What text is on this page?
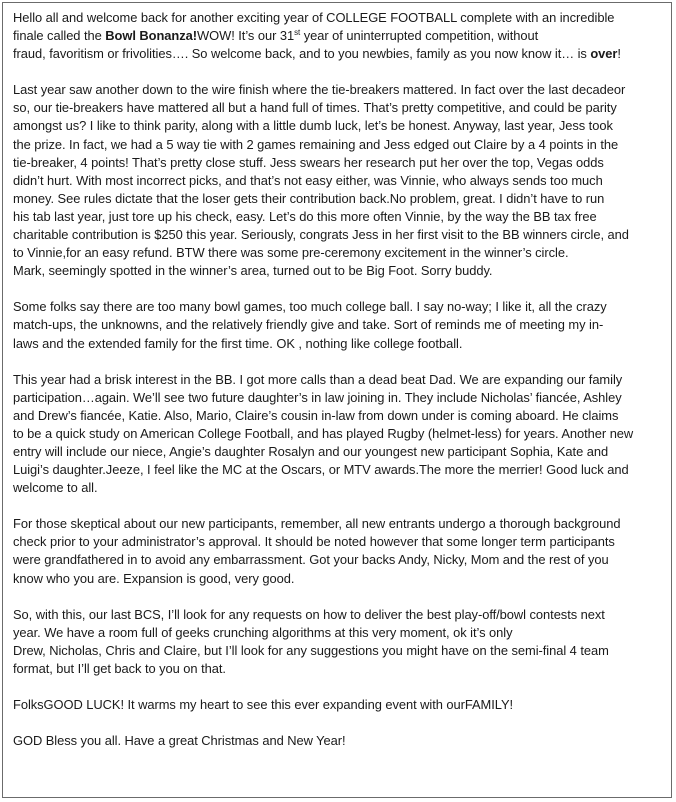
Hello all and welcome back for another exciting year of COLLEGE FOOTBALL complete with an incredible
finale called the Bowl Bonanza!WOW! It’s our 31st year of uninterrupted competition, without
fraud, favoritism or frivolities…. So welcome back, and to you newbies, family as you now know it… is over!

Last year saw another down to the wire finish where the tie-breakers mattered. In fact over the last decadeor
so, our tie-breakers have mattered all but a hand full of times. That’s pretty competitive, and could be parity
amongst us? I like to think parity, along with a little dumb luck, let’s be honest. Anyway, last year, Jess took
the prize. In fact, we had a 5 way tie with 2 games remaining and Jess edged out Claire by a 4 points in the
tie-breaker, 4 points! That’s pretty close stuff. Jess swears her research put her over the top, Vegas odds
didn’t hurt. With most incorrect picks, and that’s not easy either, was Vinnie, who always sends too much
money. See rules dictate that the loser gets their contribution back.No problem, great. I didn’t have to run
his tab last year, just tore up his check, easy. Let’s do this more often Vinnie, by the way the BB tax free
charitable contribution is $250 this year. Seriously, congrats Jess in her first visit to the BB winners circle, and
to Vinnie,for an easy refund. BTW there was some pre-ceremony excitement in the winner’s circle.
Mark, seemingly spotted in the winner’s area, turned out to be Big Foot. Sorry buddy.

Some folks say there are too many bowl games, too much college ball. I say no-way; I like it, all the crazy
match-ups, the unknowns, and the relatively friendly give and take. Sort of reminds me of meeting my in-
laws and the extended family for the first time. OK , nothing like college football.

This year had a brisk interest in the BB. I got more calls than a dead beat Dad. We are expanding our family
participation…again. We’ll see two future daughter’s in law joining in. They include Nicholas’ fiancée, Ashley
and Drew’s fiancée, Katie. Also, Mario, Claire’s cousin in-law from down under is coming aboard. He claims
to be a quick study on American College Football, and has played Rugby (helmet-less) for years. Another new
entry will include our niece, Angie’s daughter Rosalyn and our youngest new participant Sophia, Kate and
Luigi’s daughter.Jeeze, I feel like the MC at the Oscars, or MTV awards.The more the merrier! Good luck and
welcome to all.

For those skeptical about our new participants, remember, all new entrants undergo a thorough background
check prior to your administrator’s approval. It should be noted however that some longer term participants
were grandfathered in to avoid any embarrassment. Got your backs Andy, Nicky, Mom and the rest of you
know who you are. Expansion is good, very good.

So, with this, our last BCS, I’ll look for any requests on how to deliver the best play-off/bowl contests next
year. We have a room full of geeks crunching algorithms at this very moment, ok it’s only
Drew, Nicholas, Chris and Claire, but I’ll look for any suggestions you might have on the semi-final 4 team
format, but I’ll get back to you on that.

FolksGOOD LUCK! It warms my heart to see this ever expanding event with ourFAMILY!

GOD Bless you all. Have a great Christmas and New Year!
